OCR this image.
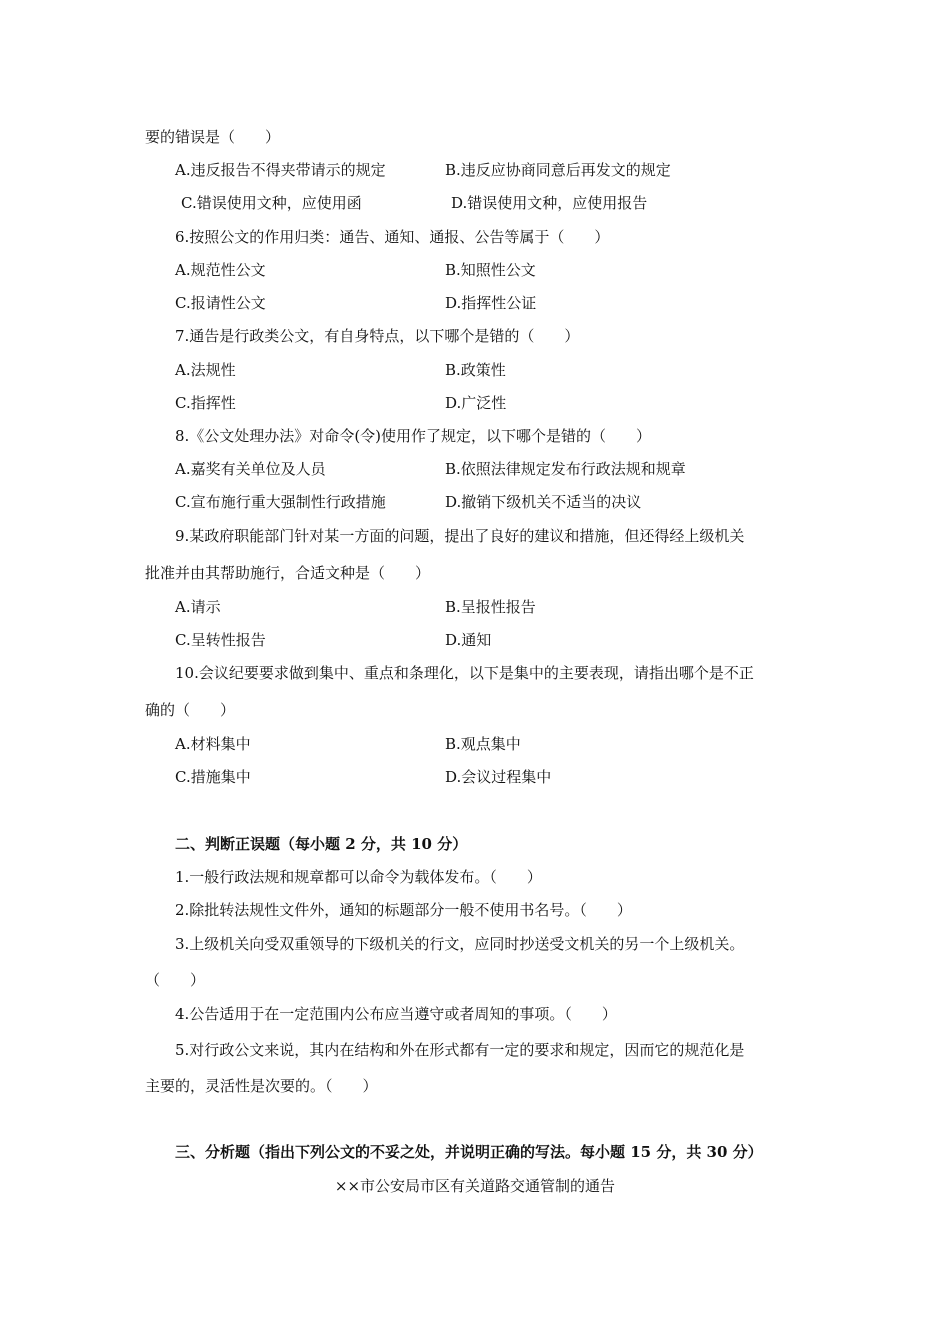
要的错误是（　　）
A.违反报告不得夹带请示的规定	B.违反应协商同意后再发文的规定
C.错误使用文种，应使用函	D.错误使用文种，应使用报告
6.按照公文的作用归类：通告、通知、通报、公告等属于（　　）
A.规范性公文	B.知照性公文
C.报请性公文	D.指挥性公证
7.通告是行政类公文，有自身特点，以下哪个是错的（　　）
A.法规性	B.政策性
C.指挥性	D.广泛性
8.《公文处理办法》对命令(令)使用作了规定，以下哪个是错的（　　）
A.嘉奖有关单位及人员	B.依照法律规定发布行政法规和规章
C.宣布施行重大强制性行政措施	D.撤销下级机关不适当的决议
9.某政府职能部门针对某一方面的问题，提出了良好的建议和措施，但还得经上级机关
批准并由其帮助施行，合适文种是（　　）
A.请示	B.呈报性报告
C.呈转性报告	D.通知
10.会议纪要要求做到集中、重点和条理化，以下是集中的主要表现，请指出哪个是不正
确的（　　）
A.材料集中	B.观点集中
C.措施集中	D.会议过程集中
二、判断正误题（每小题 2 分，共 10 分）
1.一般行政法规和规章都可以命令为载体发布。（　　）
2.除批转法规性文件外，通知的标题部分一般不使用书名号。（　　）
3.上级机关向受双重领导的下级机关的行文，应同时抄送受文机关的另一个上级机关。
（　　）
4.公告适用于在一定范围内公布应当遵守或者周知的事项。（　　）
5.对行政公文来说，其内在结构和外在形式都有一定的要求和规定，因而它的规范化是
主要的，灵活性是次要的。（　　）
三、分析题（指出下列公文的不妥之处，并说明正确的写法。每小题 15 分，共 30 分）
××市公安局市区有关道路交通管制的通告
